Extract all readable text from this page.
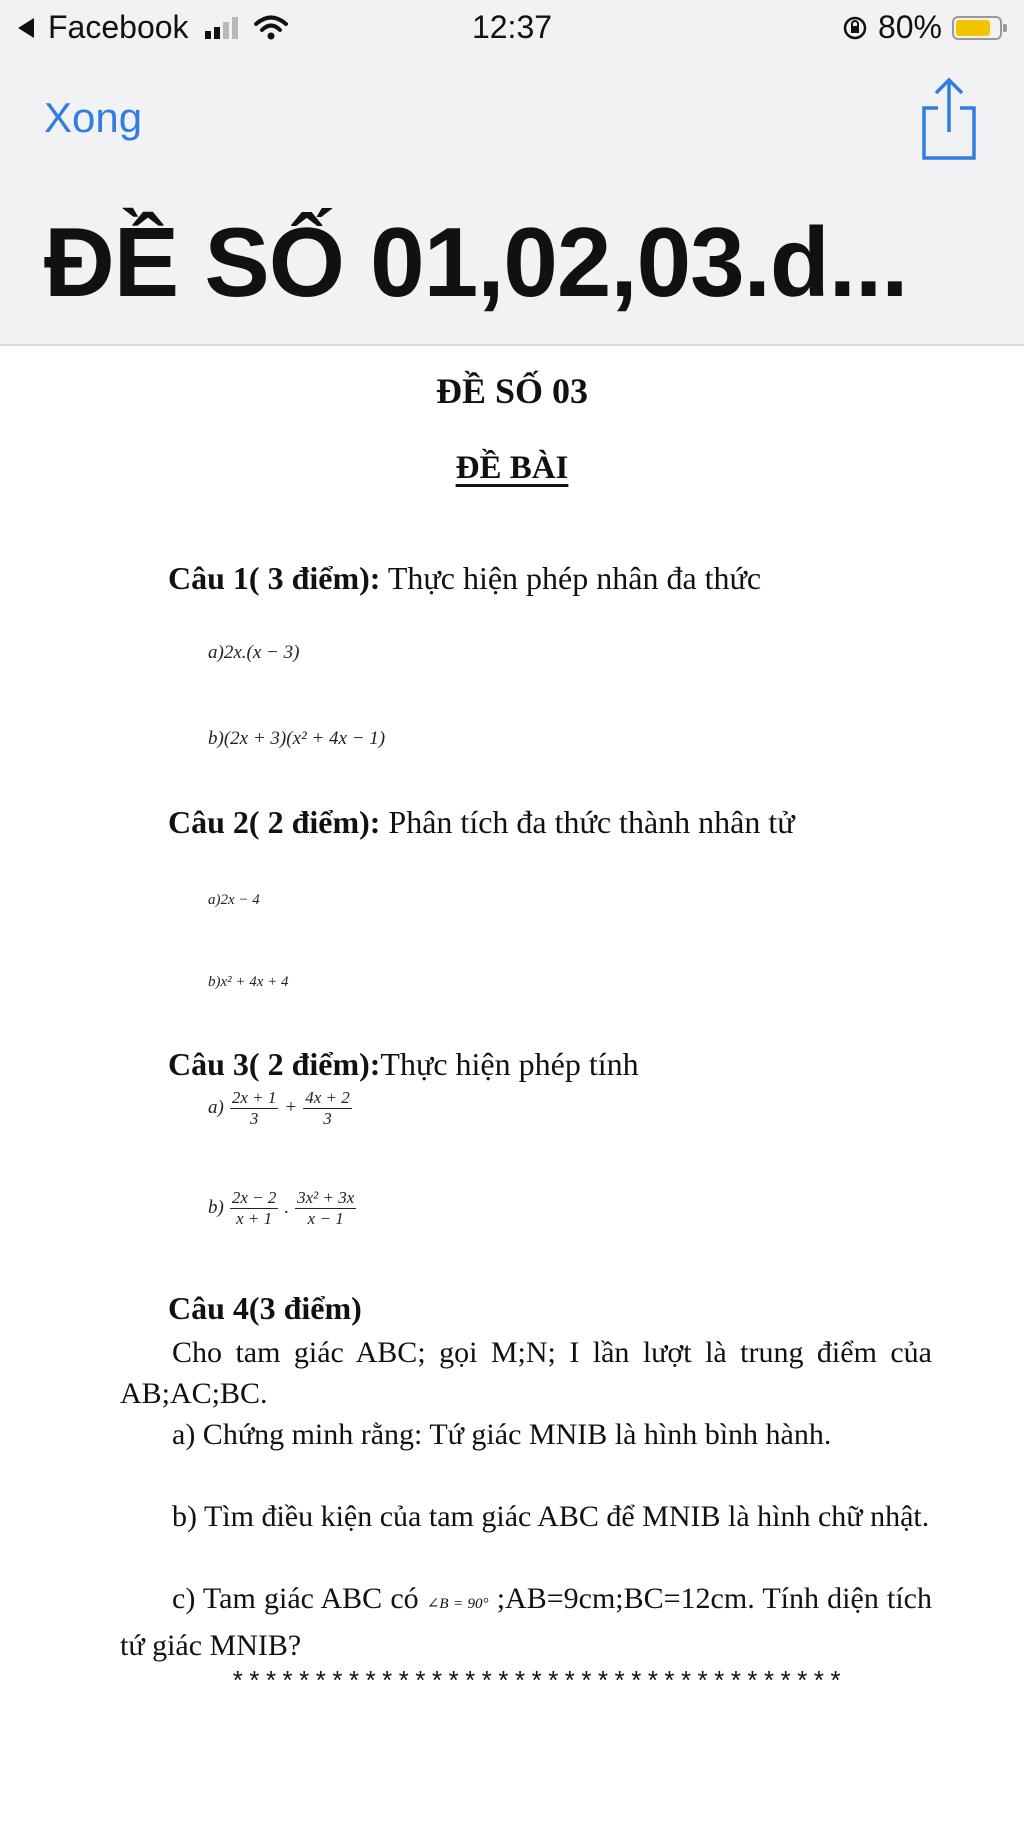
Facebook	12:37	80%
Xong
ĐỀ SỐ 01,02,03.d...
ĐỀ SỐ 03
ĐỀ BÀI
Câu 1( 3 điểm): Thực hiện phép nhân đa thức
a)2x.(x − 3)
b)(2x + 3)(x² + 4x − 1)
Câu 2( 2 điểm): Phân tích đa thức thành nhân tử
a)2x − 4
b)x² + 4x + 4
Câu 3( 2 điểm):Thực hiện phép tính
$a) \frac{2x + 1}{3} + \frac{4x + 2}{3}$
$b) \frac{2x - 2}{x + 1}$ . $\frac{\text{3x² + 3x}}{x - 1}$
Câu 4(3 điểm)
Cho tam giác ABC; gọi M;N; I lần lượt là trung điểm của AB;AC;BC.
a) Chứng minh rằng: Tứ giác MNIB là hình bình hành.
b) Tìm điều kiện của tam giác ABC để MNIB là hình chữ nhật.
c) Tam giác ABC có ∠B = 90° ;AB=9cm;BC=12cm. Tính diện tích tứ giác MNIB?
*************************************
